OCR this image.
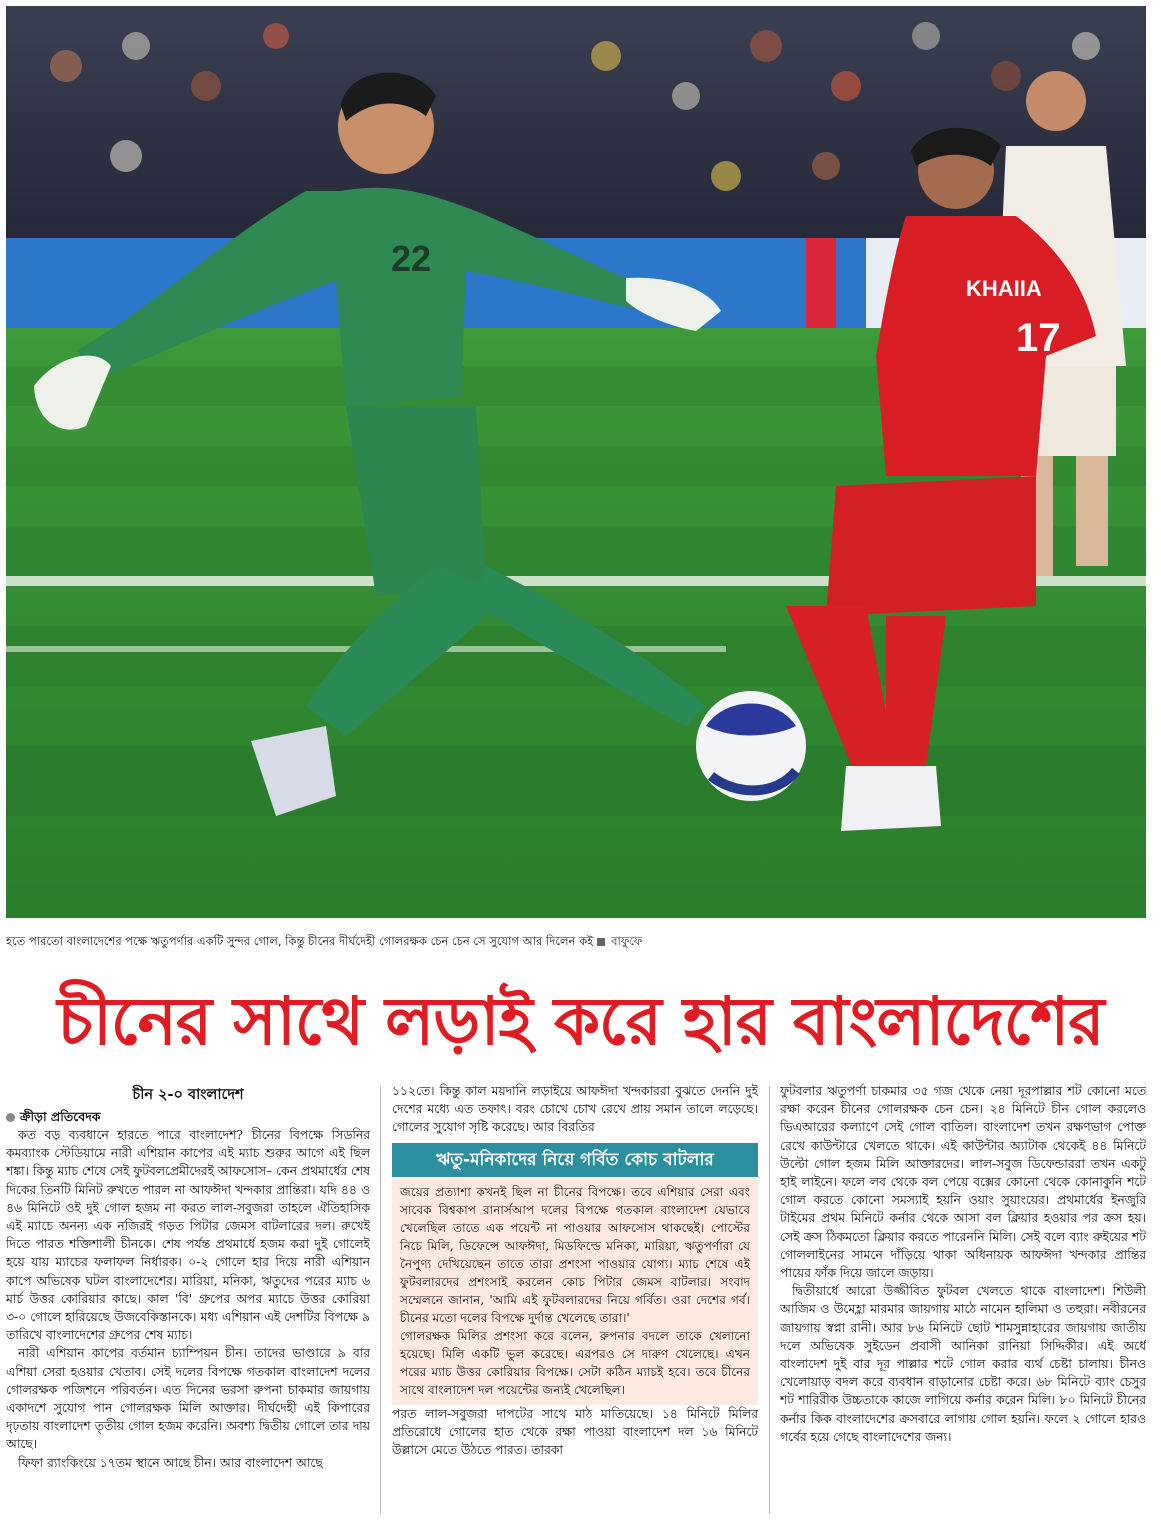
22
KHAIIA
17
হতে পারতো বাংলাদেশের পক্ষে ঋতুপর্ণার একটি সুন্দর গোল, কিন্তু চীনের দীর্ঘদেহী গোলরক্ষক চেন চেন সে সুযোগ আর দিলেন কই বাফুফে
চীনের সাথে লড়াই করে হার বাংলাদেশের
চীন ২-০ বাংলাদেশ
ক্রীড়া প্রতিবেদক

কত বড় ব্যবধানে হারতে পারে বাংলাদেশ? চীনের বিপক্ষে সিডনির কমব্যাংক স্টেডিয়ামে নারী এশিয়ান কাপের এই ম্যাচ শুরুর আগে এই ছিল শঙ্কা। কিন্তু ম্যাচ শেষে সেই ফুটবলপ্রেমীদেরই আফসোস– কেন প্রথমার্ধের শেষ দিকের তিনটি মিনিট রুখতে পারল না আফঈদা খন্দকার প্রান্তিরা। যদি ৪৪ ও ৪৬ মিনিটে ওই দুই গোল হজম না করত লাল-সবুজরা তাহলে ঐতিহাসিক এই ম্যাচে অনন্য এক নজিরই গড়ত পিটার জেমস বাটলারের দল। রুখেই দিতে পারত শক্তিশালী চীনকে। শেষ পর্যন্ত প্রথমার্ধে হজম করা দুই গোলেই হয়ে যায় ম্যাচের ফলাফল নির্ধারক। ০-২ গোলে হার দিয়ে নারী এশিয়ান কাপে অভিষেক ঘটল বাংলাদেশের। মারিয়া, মনিকা, ঋতুদের পরের ম্যাচ ৬ মার্চ উত্তর কোরিয়ার কাছে। কাল 'বি' গ্রুপের অপর ম্যাচে উত্তর কোরিয়া ৩-০ গোলে হারিয়েছে উজবেকিস্তানকে। মধ্য এশিয়ান এই দেশটির বিপক্ষে ৯ তারিখে বাংলাদেশের গ্রুপের শেষ ম্যাচ।

নারী এশিয়ান কাপের বর্তমান চ্যাম্পিয়ন চীন। তাদের ভাণ্ডারে ৯ বার এশিয়া সেরা হওয়ার খেতাব। সেই দলের বিপক্ষে গতকাল বাংলাদেশ দলের গোলরক্ষক পজিশনে পরিবর্তন। এত দিনের ভরসা রুপনা চাকমার জায়গায় একাদশে সুযোগ পান গোলরক্ষক মিলি আক্তার। দীর্ঘদেহী এই কিপারের দৃঢ়তায় বাংলাদেশ তৃতীয় গোল হজম করেনি। অবশ্য দ্বিতীয় গোলে তার দায় আছে।

ফিফা র‍্যাংকিংয়ে ১৭তম স্থানে আছে চীন। আর বাংলাদেশ আছে

১১২তে। কিন্তু কাল ময়দানি লড়াইয়ে আফঈদা খন্দকাররা বুঝতে দেননি দুই দেশের মধ্যে এত তফাৎ। বরং চোখে চোখ রেখে প্রায় সমান তালে লড়েছে। গোলের সুযোগ সৃষ্টি করেছে। আর বিরতির

ঋতু-মনিকাদের নিয়ে গর্বিত কোচ বাটলার

জয়ের প্রত্যাশা কখনই ছিল না চীনের বিপক্ষে। তবে এশিয়ার সেরা এবং সাবেক বিশ্বকাপ রানার্সআপ দলের বিপক্ষে গতকাল বাংলাদেশ যেভাবে খেলেছিল তাতে এক পয়েন্ট না পাওয়ার আফসোস থাকছেই। পোস্টের নিচে মিলি, ডিফেন্সে আফঈদা, মিডফিল্ডে মনিকা, মারিয়া, ঋতুপর্ণারা যে নৈপুণ্য দেখিয়েছেন তাতে তারা প্রশংসা পাওয়ার যোগ্য। ম্যাচ শেষে এই ফুটবলারদের প্রশংসাই করলেন কোচ পিটার জেমস বাটলার। সংবাদ সম্মেলনে জানান, 'আমি এই ফুটবলারদের নিয়ে গর্বিত। ওরা দেশের গর্ব। চীনের মতো দলের বিপক্ষে দুর্দান্ত খেলেছে তারা।'

গোলরক্ষক মিলির প্রশংসা করে বলেন, রুপনার বদলে তাকে খেলানো হয়েছে। মিলি একটি ভুল করেছে। এরপরও সে দারুণ খেলেছে। এখন পরের ম্যাচ উত্তর কোরিয়ার বিপক্ষে। সেটা কঠিন ম্যাচই হবে। তবে চীনের সাথে বাংলাদেশ দল পয়েন্টের জন্যই খেলেছিল।

পরত লাল-সবুজরা দাপটের সাথে মাঠ মাতিয়েছে। ১৪ মিনিটে মিলির প্রতিরোধে গোলের হাত থেকে রক্ষা পাওয়া বাংলাদেশ দল ১৬ মিনিটে উল্লাসে মেতে উঠতে পারত। তারকা

ফুটবলার ঋতুপর্ণা চাকমার ৩৫ গজ থেকে নেয়া দূরপাল্লার শট কোনো মতে রক্ষা করেন চীনের গোলরক্ষক চেন চেন। ২৪ মিনিটে চীন গোল করলেও ভিএআরের কল্যাণে সেই গোল বাতিল। বাংলাদেশ তখন রক্ষণভাগ পোক্ত রেখে কাউন্টারে খেলতে থাকে। এই কাউন্টার অ্যাটাক থেকেই ৪৪ মিনিটে উল্টো গোল হজম মিলি আক্তারদের। লাল-সবুজ ডিফেন্ডাররা তখন একটু হাই লাইনে। ফলে লব থেকে বল পেয়ে বক্সের কোনো থেকে কোনাকুনি শটে গোল করতে কোনো সমস্যাই হয়নি ওয়াং সুয়াংয়ের। প্রথমার্ধের ইনজুরি টাইমের প্রথম মিনিটে কর্নার থেকে আসা বল ক্লিয়ার হওয়ার পর ক্রস হয়। সেই ক্রস ঠিকমতো ক্লিয়ার করতে পারেননি মিলি। সেই বলে ব্যাং রুইয়ের শট গোললাইনের সামনে দাঁড়িয়ে থাকা অধিনায়ক আফঈদা খন্দকার প্রান্তির পায়ের ফাঁক দিয়ে জালে জড়ায়।

দ্বিতীয়ার্ধে আরো উজ্জীবিত ফুটবল খেলতে থাকে বাংলাদেশ। শিউলী আজিম ও উমেহ্লা মারমার জায়গায় মাঠে নামেন হালিমা ও তহুরা। নবীরনের জায়গায় স্বপ্না রানী। আর ৮৬ মিনিটে ছোট শামসুন্নাহারের জায়গায় জাতীয় দলে অভিষেক সুইডেন প্রবাসী আনিকা রানিয়া সিদ্দিকীর। এই অর্ধে বাংলাদেশ দুই বার দূর পাল্লার শটে গোল করার ব্যর্থ চেষ্টা চালায়। চীনও খেলোয়াড় বদল করে ব্যবধান বাড়ানোর চেষ্টা করে। ৬৮ মিনিটে ব্যাং চেসুর শট শারিরীক উচ্চতাকে কাজে লাগিয়ে কর্নার করেন মিলি। ৮০ মিনিটে চীনের কর্নার কিক বাংলাদেশের ক্রসবারে লাগায় গোল হয়নি। ফলে ২ গোলে হারও গর্বের হয়ে গেছে বাংলাদেশের জন্য।
